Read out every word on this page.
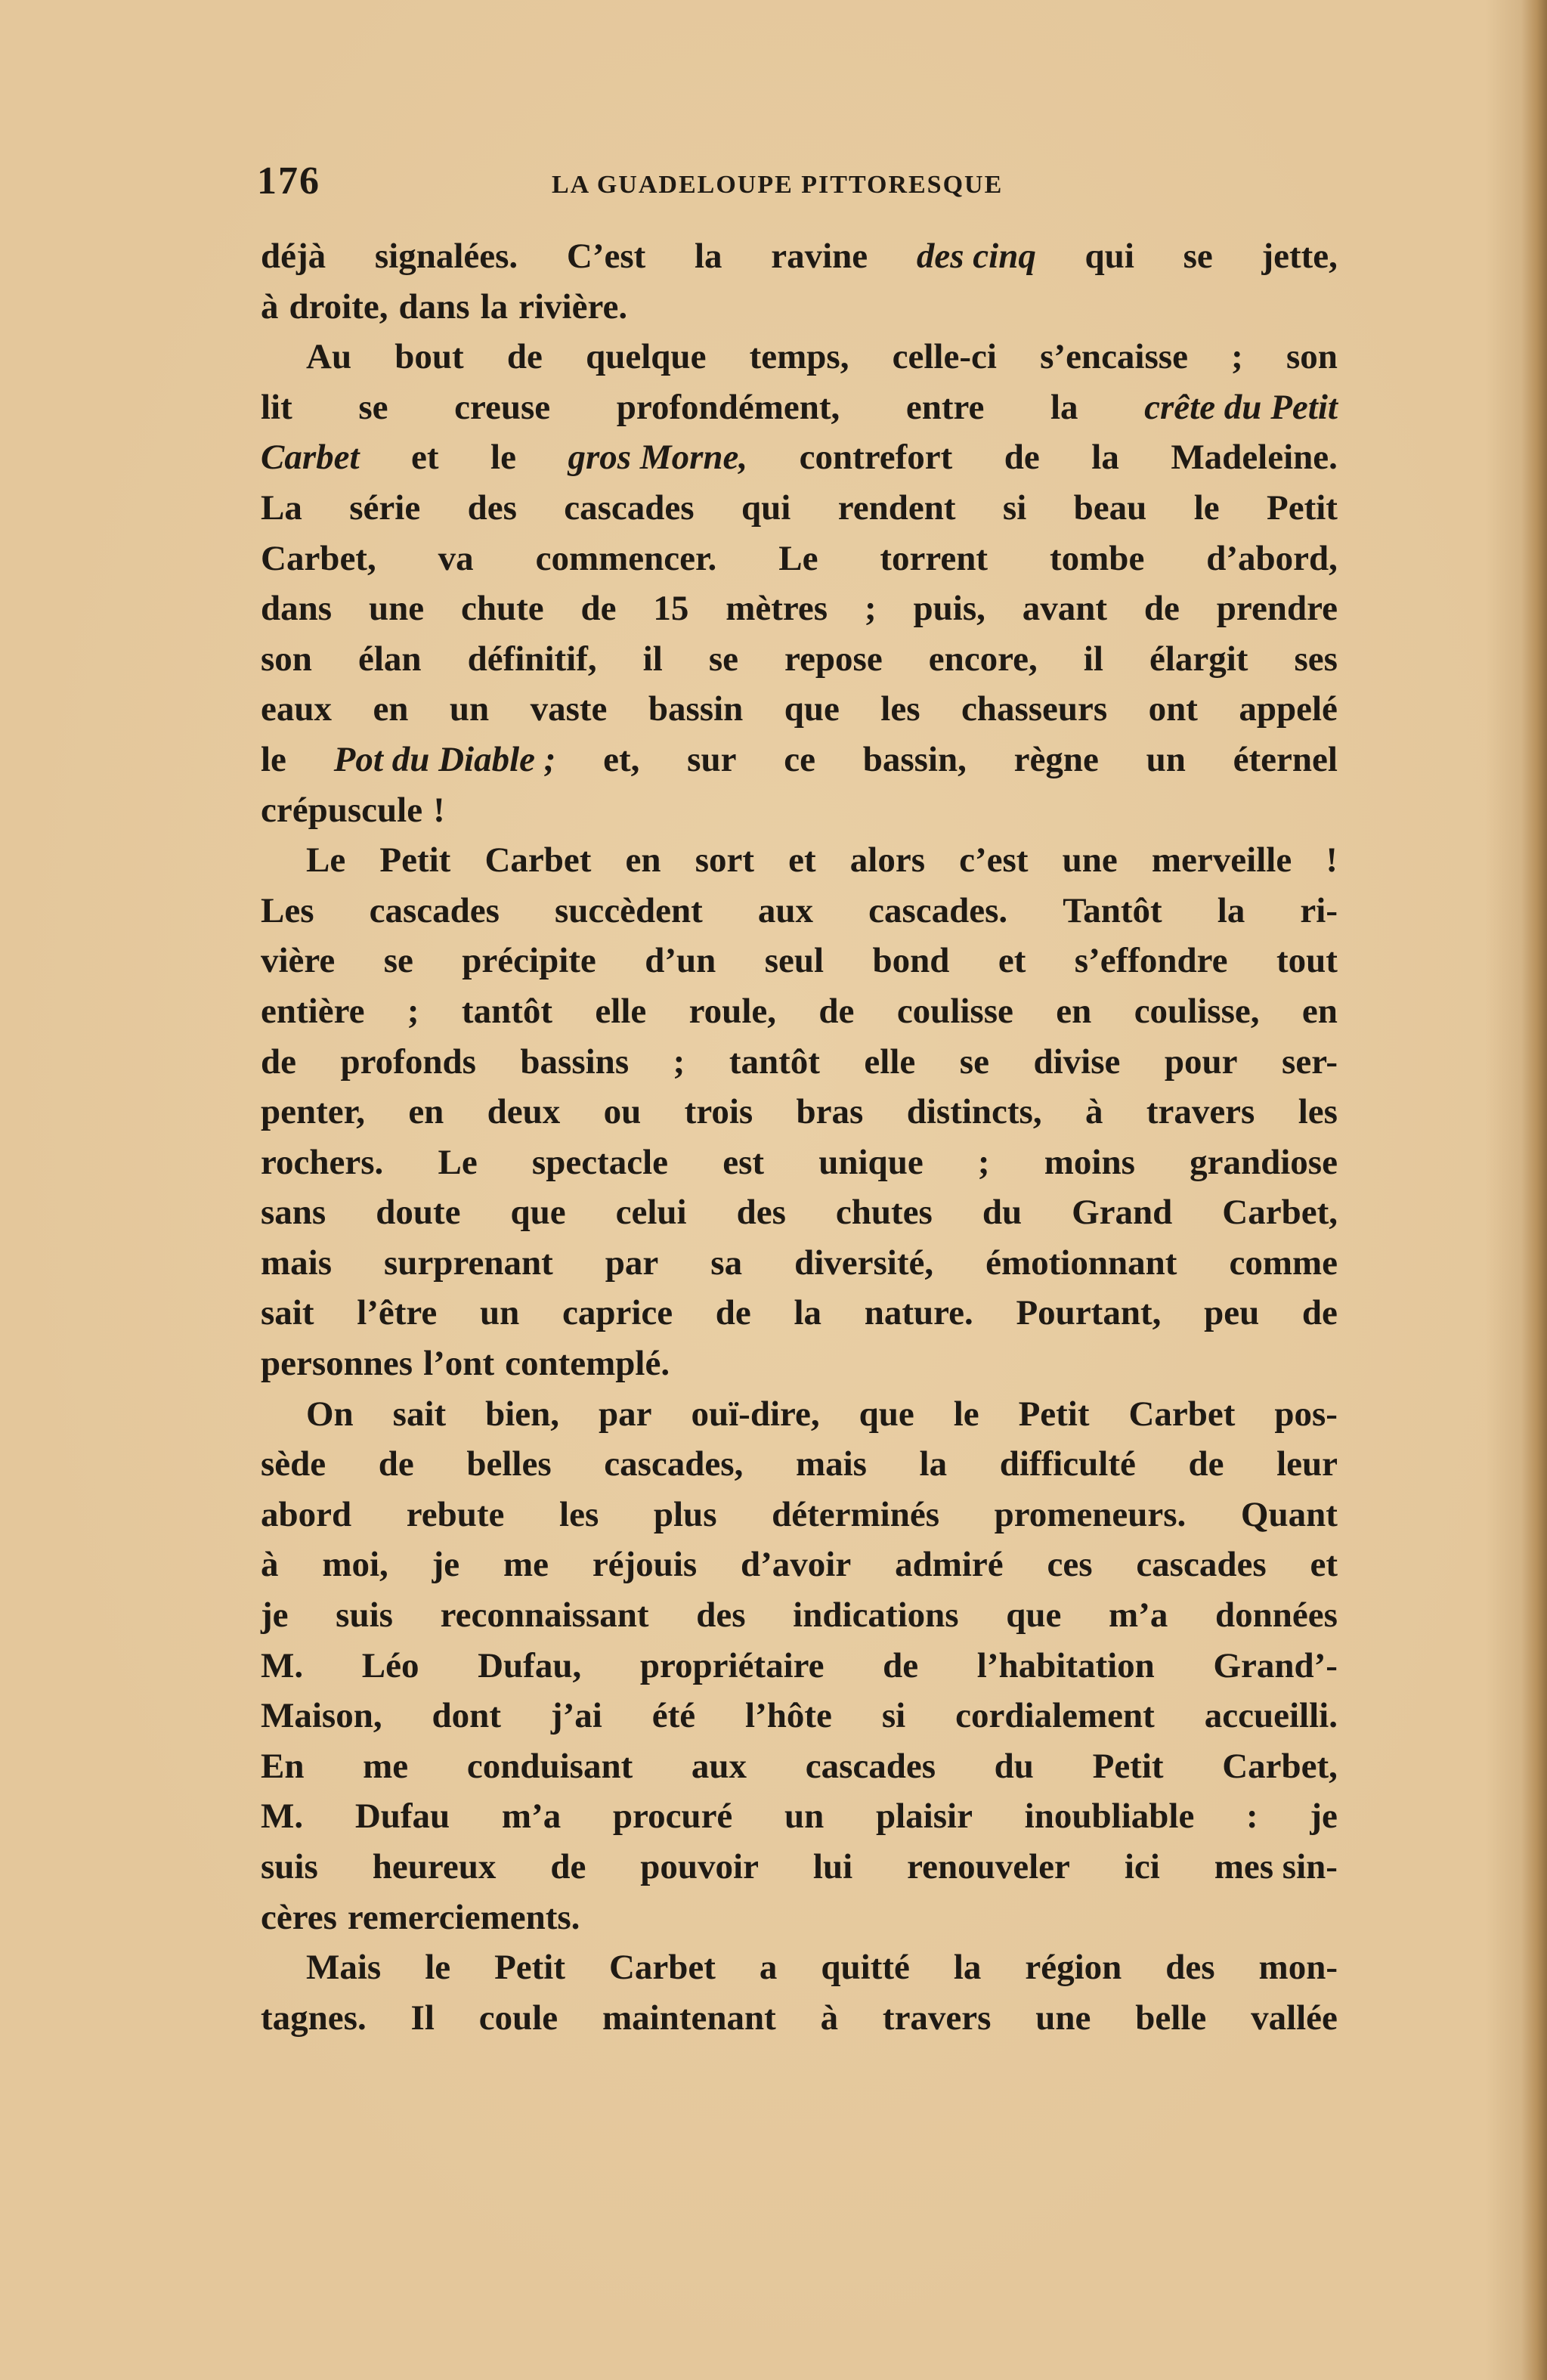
176	LA GUADELOUPE PITTORESQUE
déjà signalées. C’est la ravine des cinq qui se jette,
à droite, dans la rivière.
Au bout de quelque temps, celle-ci s’encaisse ; son
lit se creuse profondément, entre la crête du Petit
Carbet et le gros Morne, contrefort de la Madeleine.
La série des cascades qui rendent si beau le Petit
Carbet, va commencer. Le torrent tombe d’abord,
dans une chute de 15 mètres ; puis, avant de prendre
son élan définitif, il se repose encore, il élargit ses
eaux en un vaste bassin que les chasseurs ont appelé
le Pot du Diable ; et, sur ce bassin, règne un éternel
crépuscule !
Le Petit Carbet en sort et alors c’est une merveille !
Les cascades succèdent aux cascades. Tantôt la ri-
vière se précipite d’un seul bond et s’effondre tout
entière ; tantôt elle roule, de coulisse en coulisse, en
de profonds bassins ; tantôt elle se divise pour ser-
penter, en deux ou trois bras distincts, à travers les
rochers. Le spectacle est unique ; moins grandiose
sans doute que celui des chutes du Grand Carbet,
mais surprenant par sa diversité, émotionnant comme
sait l’être un caprice de la nature. Pourtant, peu de
personnes l’ont contemplé.
On sait bien, par ouï-dire, que le Petit Carbet pos-
sède de belles cascades, mais la difficulté de leur
abord rebute les plus déterminés promeneurs. Quant
à moi, je me réjouis d’avoir admiré ces cascades et
je suis reconnaissant des indications que m’a données
M. Léo Dufau, propriétaire de l’habitation Grand’-
Maison, dont j’ai été l’hôte si cordialement accueilli.
En me conduisant aux cascades du Petit Carbet,
M. Dufau m’a procuré un plaisir inoubliable : je
suis heureux de pouvoir lui renouveler ici mes sin-
cères remerciements.
Mais le Petit Carbet a quitté la région des mon-
tagnes. Il coule maintenant à travers une belle vallée
